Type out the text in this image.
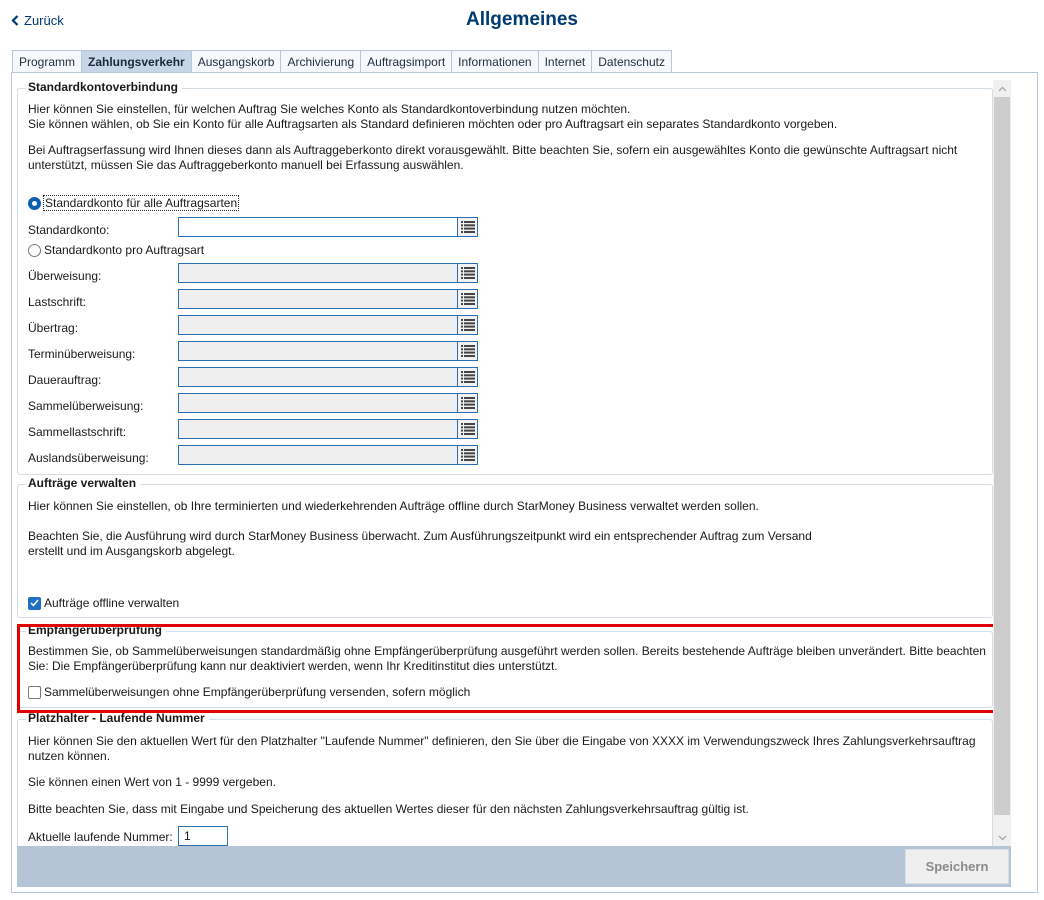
Zurück	Allgemeines
Programm	Zahlungsverkehr	Ausgangskorb	Archivierung	Auftragsimport	Informationen	Internet	Datenschutz
Standardkontoverbindung
Hier können Sie einstellen, für welchen Auftrag Sie welches Konto als Standardkontoverbindung nutzen möchten.
Sie können wählen, ob Sie ein Konto für alle Auftragsarten als Standard definieren möchten oder pro Auftragsart ein separates Standardkonto vorgeben.
Bei Auftragserfassung wird Ihnen dieses dann als Auftraggeberkonto direkt vorausgewählt. Bitte beachten Sie, sofern ein ausgewähltes Konto die gewünschte Auftragsart nicht
unterstützt, müssen Sie das Auftraggeberkonto manuell bei Erfassung auswählen.
Standardkonto für alle Auftragsarten
Standardkonto:
Standardkonto pro Auftragsart
Überweisung:
Lastschrift:
Übertrag:
Terminüberweisung:
Dauerauftrag:
Sammelüberweisung:
Sammellastschrift:
Auslandsüberweisung:
Aufträge verwalten
Hier können Sie einstellen, ob Ihre terminierten und wiederkehrenden Aufträge offline durch StarMoney Business verwaltet werden sollen.
Beachten Sie, die Ausführung wird durch StarMoney Business überwacht. Zum Ausführungszeitpunkt wird ein entsprechender Auftrag zum Versand
erstellt und im Ausgangskorb abgelegt.
Aufträge offline verwalten
Empfängerüberprüfung
Bestimmen Sie, ob Sammelüberweisungen standardmäßig ohne Empfängerüberprüfung ausgeführt werden sollen. Bereits bestehende Aufträge bleiben unverändert. Bitte beachten
Sie: Die Empfängerüberprüfung kann nur deaktiviert werden, wenn Ihr Kreditinstitut dies unterstützt.
Sammelüberweisungen ohne Empfängerüberprüfung versenden, sofern möglich
Platzhalter - Laufende Nummer
Hier können Sie den aktuellen Wert für den Platzhalter "Laufende Nummer" definieren, den Sie über die Eingabe von XXXX im Verwendungszweck Ihres Zahlungsverkehrsauftrag
nutzen können.
Sie können einen Wert von 1 - 9999 vergeben.
Bitte beachten Sie, dass mit Eingabe und Speicherung des aktuellen Wertes dieser für den nächsten Zahlungsverkehrsauftrag gültig ist.
Aktuelle laufende Nummer: 1
Speichern
